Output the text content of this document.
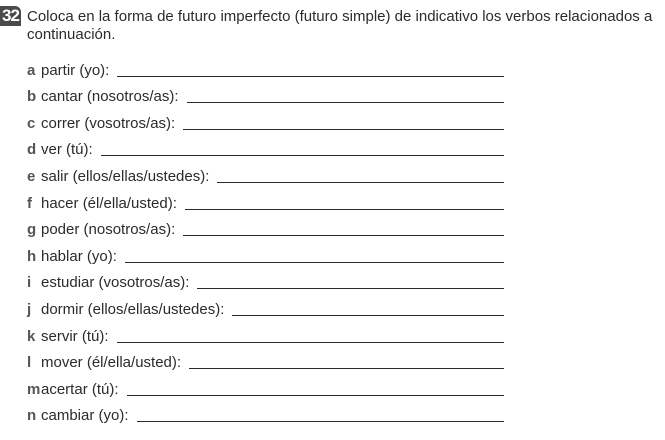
32 Coloca en la forma de futuro imperfecto (futuro simple) de indicativo los verbos relacionados a continuación.
a partir (yo):
b cantar (nosotros/as):
c correr (vosotros/as):
d ver (tú):
e salir (ellos/ellas/ustedes):
f hacer (él/ella/usted):
g poder (nosotros/as):
h hablar (yo):
i estudiar (vosotros/as):
j dormir (ellos/ellas/ustedes):
k servir (tú):
l mover (él/ella/usted):
m acertar (tú):
n cambiar (yo):
